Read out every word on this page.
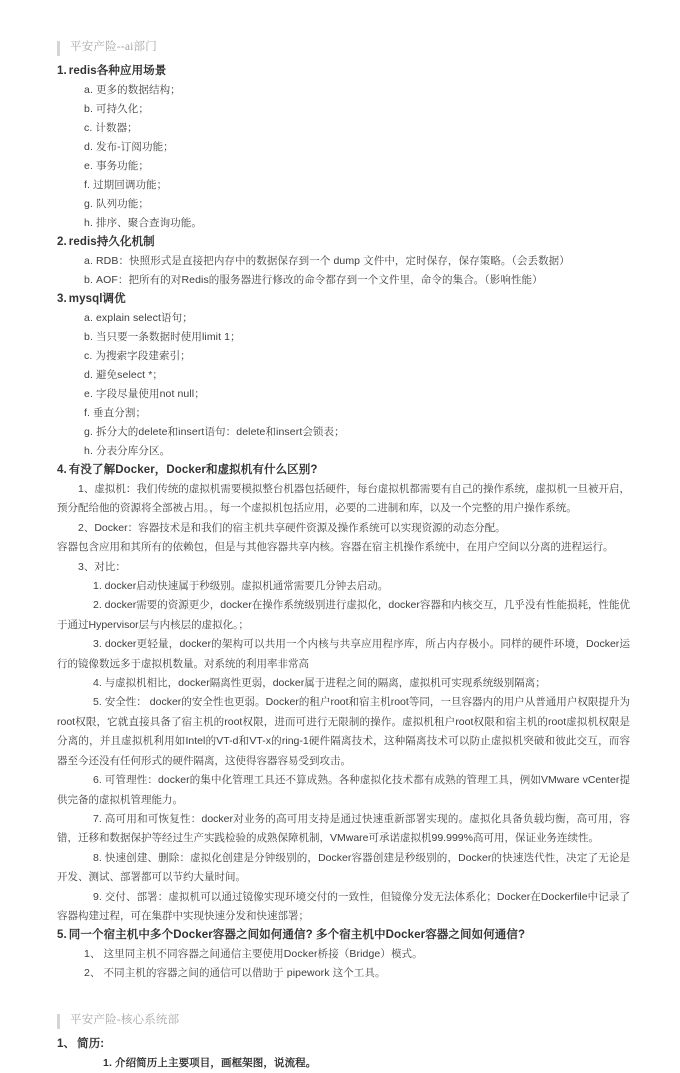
平安产险--ai部门
1. redis各种应用场景
a. 更多的数据结构；
b. 可持久化；
c. 计数器；
d. 发布-订阅功能；
e. 事务功能；
f. 过期回调功能；
g. 队列功能；
h. 排序、聚合查询功能。
2. redis持久化机制
a. RDB：快照形式是直接把内存中的数据保存到一个 dump 文件中，定时保存，保存策略。（会丢数据）
b. AOF：把所有的对Redis的服务器进行修改的命令都存到一个文件里，命令的集合。（影响性能）
3. mysql调优
a. explain select语句；
b. 当只要一条数据时使用limit 1；
c. 为搜索字段建索引；
d. 避免select *；
e. 字段尽量使用not null；
f. 垂直分割；
g. 拆分大的delete和insert语句：delete和insert会锁表；
h. 分表分库分区。
4. 有没了解Docker，Docker和虚拟机有什么区别?
1、虚拟机：我们传统的虚拟机需要模拟整台机器包括硬件，每台虚拟机都需要有自己的操作系统，虚拟机一旦被开启，预分配给他的资源将全部被占用。，每一个虚拟机包括应用，必要的二进制和库，以及一个完整的用户操作系统。
2、Docker：容器技术是和我们的宿主机共享硬件资源及操作系统可以实现资源的动态分配。
容器包含应用和其所有的依赖包，但是与其他容器共享内核。容器在宿主机操作系统中，在用户空间以分离的进程运行。
3、对比：
1. docker启动快速属于秒级别。虚拟机通常需要几分钟去启动。
2. docker需要的资源更少，docker在操作系统级别进行虚拟化，docker容器和内核交互，几乎没有性能损耗，性能优于通过Hypervisor层与内核层的虚拟化。；
3. docker更轻量，docker的架构可以共用一个内核与共享应用程序库，所占内存极小。同样的硬件环境，Docker运行的镜像数远多于虚拟机数量。对系统的利用率非常高
4. 与虚拟机相比，docker隔离性更弱，docker属于进程之间的隔离，虚拟机可实现系统级别隔离；
5. 安全性： docker的安全性也更弱。Docker的租户root和宿主机root等同，一旦容器内的用户从普通用户权限提升为root权限，它就直接具备了宿主机的root权限，进而可进行无限制的操作。虚拟机租户root权限和宿主机的root虚拟机权限是分离的，并且虚拟机利用如Intel的VT-d和VT-x的ring-1硬件隔离技术，这种隔离技术可以防止虚拟机突破和彼此交互，而容器至今还没有任何形式的硬件隔离，这使得容器容易受到攻击。
6. 可管理性：docker的集中化管理工具还不算成熟。各种虚拟化技术都有成熟的管理工具，例如VMware vCenter提供完备的虚拟机管理能力。
7. 高可用和可恢复性：docker对业务的高可用支持是通过快速重新部署实现的。虚拟化具备负载均衡，高可用，容错，迁移和数据保护等经过生产实践检验的成熟保障机制，VMware可承诺虚拟机99.999%高可用，保证业务连续性。
8. 快速创建、删除：虚拟化创建是分钟级别的，Docker容器创建是秒级别的，Docker的快速迭代性，决定了无论是开发、测试、部署都可以节约大量时间。
9. 交付、部署：虚拟机可以通过镜像实现环境交付的一致性，但镜像分发无法体系化；Docker在Dockerfile中记录了容器构建过程，可在集群中实现快速分发和快速部署；
5. 同一个宿主机中多个Docker容器之间如何通信? 多个宿主机中Docker容器之间如何通信?
1、 这里同主机不同容器之间通信主要使用Docker桥接（Bridge）模式。
2、 不同主机的容器之间的通信可以借助于 pipework 这个工具。
平安产险-核心系统部
1、 简历:
1. 介绍简历上主要项目，画框架图，说流程。
